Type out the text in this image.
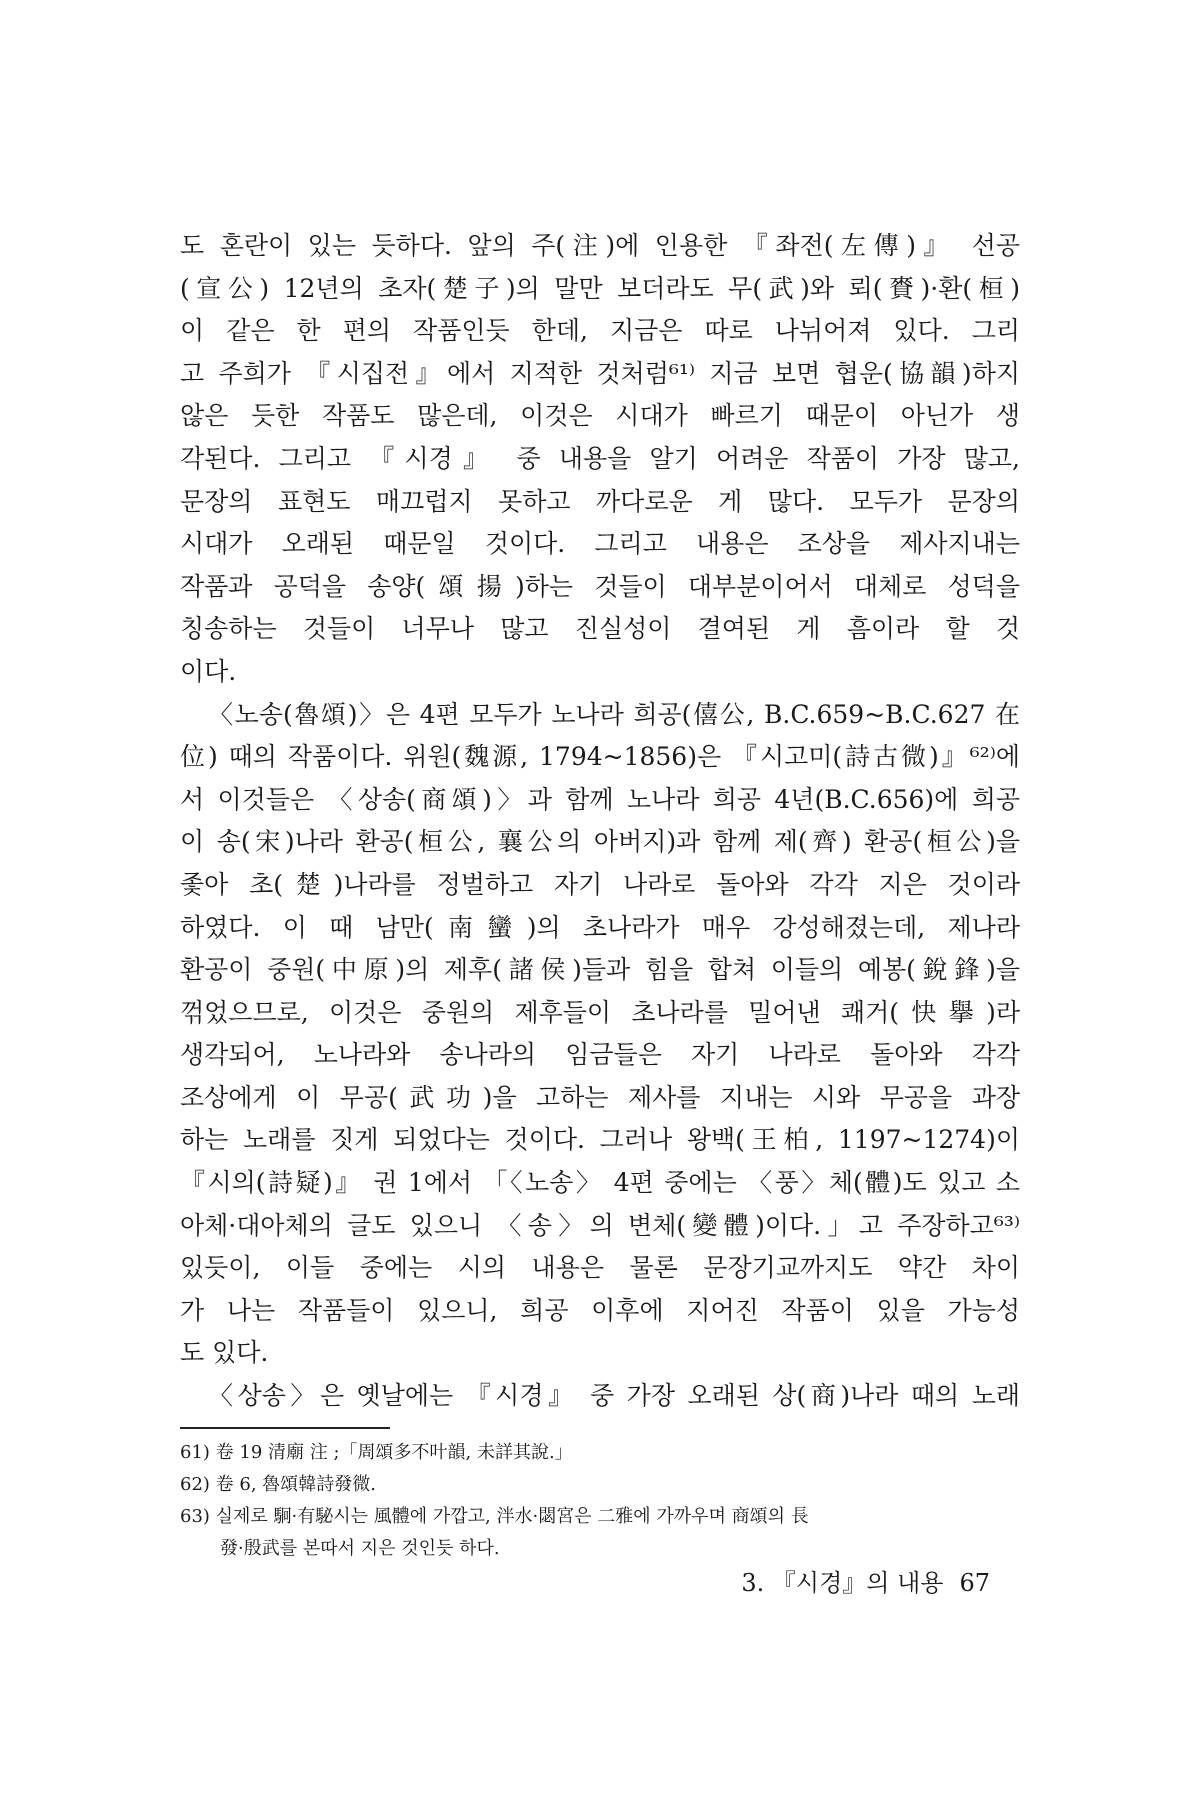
도 혼란이 있는 듯하다. 앞의 주(注)에 인용한 『좌전(左傳)』 선공
(宣公) 12년의 초자(楚子)의 말만 보더라도 무(武)와 뢰(賚)·환(桓)
이 같은 한 편의 작품인듯 한데, 지금은 따로 나뉘어져 있다. 그리
고 주희가 『시집전』에서 지적한 것처럼⁶¹⁾ 지금 보면 협운(協韻)하지
않은 듯한 작품도 많은데, 이것은 시대가 빠르기 때문이 아닌가 생
각된다. 그리고 『시경』 중 내용을 알기 어려운 작품이 가장 많고,
문장의 표현도 매끄럽지 못하고 까다로운 게 많다. 모두가 문장의
시대가 오래된 때문일 것이다. 그리고 내용은 조상을 제사지내는
작품과 공덕을 송양(頌揚)하는 것들이 대부분이어서 대체로 성덕을
칭송하는 것들이 너무나 많고 진실성이 결여된 게 흠이라 할 것
이다.
〈노송(魯頌)〉은 4편 모두가 노나라 희공(僖公, B.C.659~B.C.627 在
位) 때의 작품이다. 위원(魏源, 1794~1856)은 『시고미(詩古微)』⁶²⁾에
서 이것들은 〈상송(商頌)〉과 함께 노나라 희공 4년(B.C.656)에 희공
이 송(宋)나라 환공(桓公, 襄公의 아버지)과 함께 제(齊) 환공(桓公)을
좇아 초(楚)나라를 정벌하고 자기 나라로 돌아와 각각 지은 것이라
하였다. 이 때 남만(南蠻)의 초나라가 매우 강성해졌는데, 제나라
환공이 중원(中原)의 제후(諸侯)들과 힘을 합쳐 이들의 예봉(銳鋒)을
꺾었으므로, 이것은 중원의 제후들이 초나라를 밀어낸 쾌거(快擧)라
생각되어, 노나라와 송나라의 임금들은 자기 나라로 돌아와 각각
조상에게 이 무공(武功)을 고하는 제사를 지내는 시와 무공을 과장
하는 노래를 짓게 되었다는 것이다. 그러나 왕백(王柏, 1197~1274)이
『시의(詩疑)』 권 1에서 「〈노송〉 4편 중에는 〈풍〉체(體)도 있고 소
아체·대아체의 글도 있으니 〈송〉의 변체(變體)이다.」고 주장하고⁶³⁾
있듯이, 이들 중에는 시의 내용은 물론 문장기교까지도 약간 차이
가 나는 작품들이 있으니, 희공 이후에 지어진 작품이 있을 가능성
도 있다.
〈상송〉은 옛날에는 『시경』 중 가장 오래된 상(商)나라 때의 노래
61) 卷 19 清廟 注 ;「周頌多不叶韻, 未詳其說.」
62) 卷 6, 魯頌韓詩發微.
63) 실제로 駉·有駜시는 風體에 가깝고, 泮水·閟宮은 二雅에 가까우며 商頌의 長
發·殷武를 본따서 지은 것인듯 하다.
3. 『시경』의 내용 67
